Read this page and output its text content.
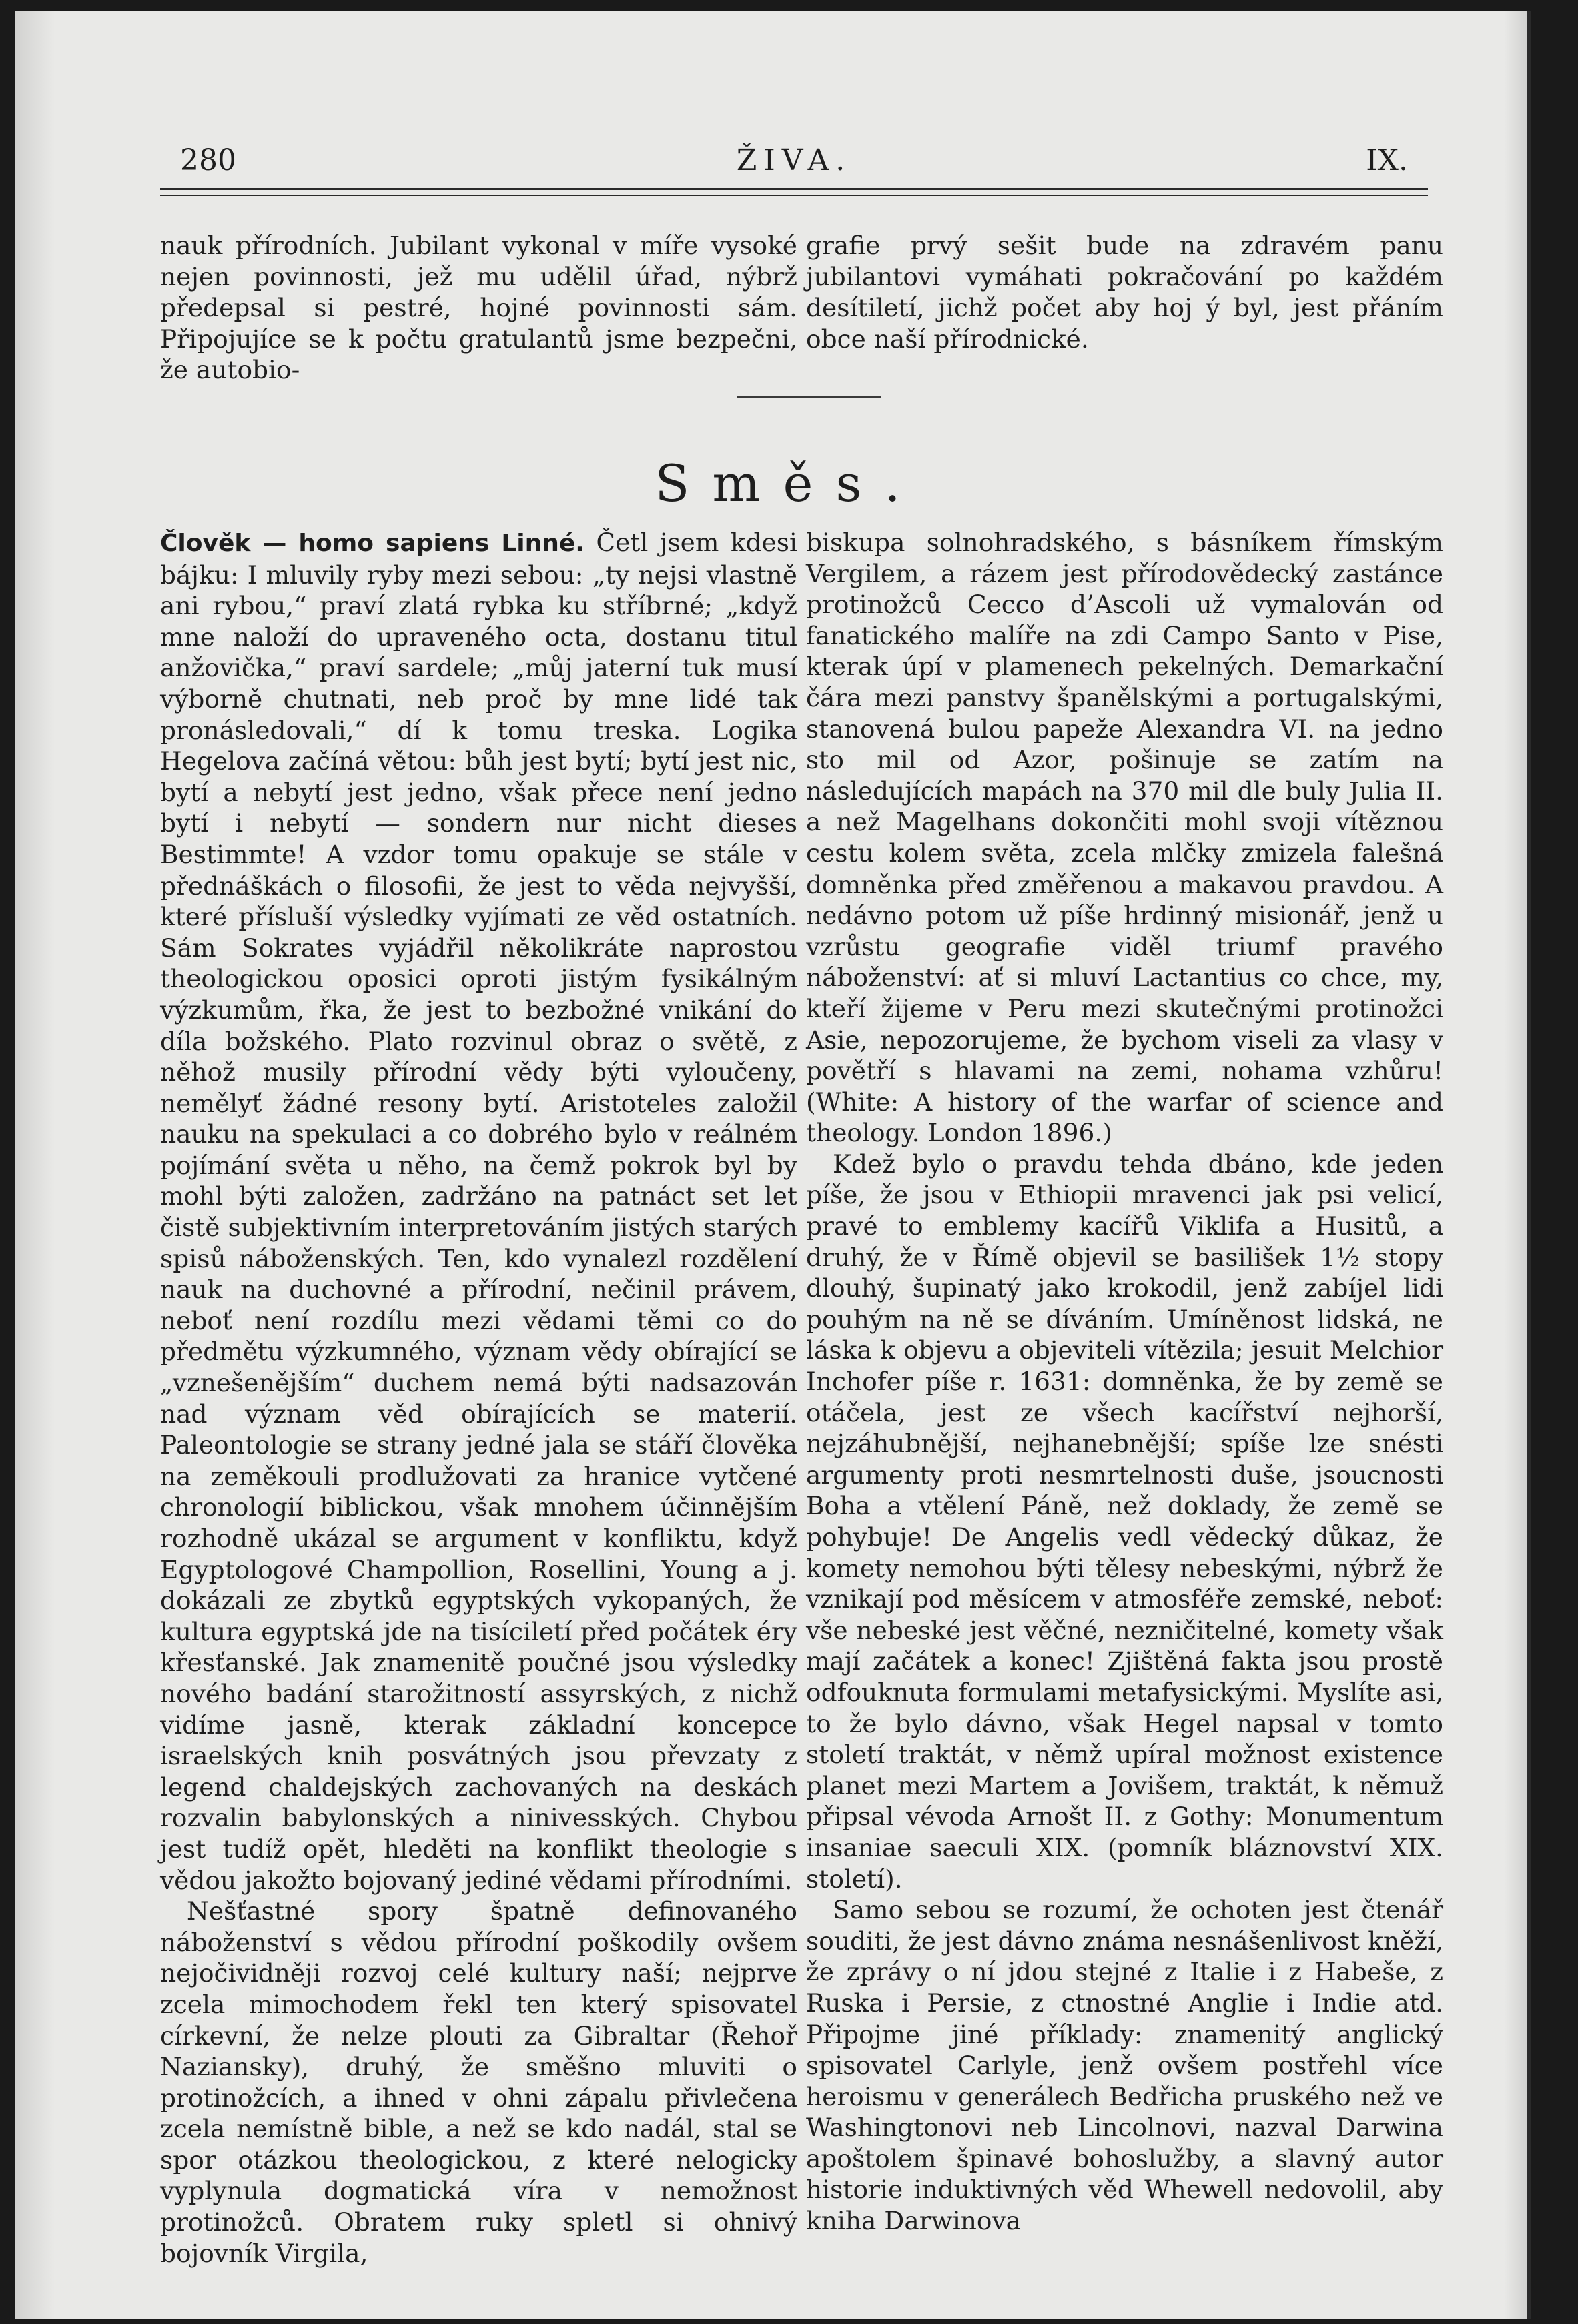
280	ŽIVA.	IX.

nauk přírodních. Jubilant vykonal v míře vysoké nejen povinnosti, jež mu udělil úřad, nýbrž předepsal si pestré, hojné povinnosti sám. Připojujíce se k počtu gratulantů jsme bezpečni, že autobio-

grafie prvý sešit bude na zdravém panu jubilantovi vymáhati pokračování po každém desítiletí, jichž počet aby hoj ý byl, jest přáním obce naší přírodnické.

Směs.

Člověk — homo sapiens Linné. Četl jsem kdesi bájku: I mluvily ryby mezi sebou: „ty nejsi vlastně ani rybou,“ praví zlatá rybka ku stříbrné; „když mne naloží do upraveného octa, dostanu titul anžovička,“ praví sardele; „můj jaterní tuk musí výborně chutnati, neb proč by mne lidé tak pronásledovali,“ dí k tomu treska. Logika Hegelova začíná větou: bůh jest bytí; bytí jest nic, bytí a nebytí jest jedno, však přece není jedno bytí i nebytí — sondern nur nicht dieses Bestimmte! A vzdor tomu opakuje se stále v přednáškách o filosofii, že jest to věda nejvyšší, které přísluší výsledky vyjímati ze věd ostatních. Sám Sokrates vyjádřil několikráte naprostou theologickou oposici oproti jistým fysikálným výzkumům, řka, že jest to bezbožné vnikání do díla božského. Plato rozvinul obraz o světě, z něhož musily přírodní vědy býti vyloučeny, nemělyť žádné resony bytí. Aristoteles založil nauku na spekulaci a co dobrého bylo v reálném pojímání světa u něho, na čemž pokrok byl by mohl býti založen, zadržáno na patnáct set let čistě subjektivním interpretováním jistých starých spisů náboženských. Ten, kdo vynalezl rozdělení nauk na duchovné a přírodní, nečinil právem, neboť není rozdílu mezi vědami těmi co do předmětu výzkumného, význam vědy obírající se „vznešenějším“ duchem nemá býti nadsazován nad význam věd obírajících se materií. Paleontologie se strany jedné jala se stáří člověka na zeměkouli prodlužovati za hranice vytčené chronologií biblickou, však mnohem účinnějším rozhodně ukázal se argument v konfliktu, když Egyptologové Champollion, Rosellini, Young a j. dokázali ze zbytků egyptských vykopaných, že kultura egyptská jde na tisíciletí před počátek éry křesťanské. Jak znamenitě poučné jsou výsledky nového badání starožitností assyrských, z nichž vidíme jasně, kterak základní koncepce israelských knih posvátných jsou převzaty z legend chaldejských zachovaných na deskách rozvalin babylonských a ninivesských. Chybou jest tudíž opět, hleděti na konflikt theologie s vědou jakožto bojovaný jediné vědami přírodními.

Nešťastné spory špatně definovaného náboženství s vědou přírodní poškodily ovšem nejočividněji rozvoj celé kultury naší; nejprve zcela mimochodem řekl ten který spisovatel církevní, že nelze plouti za Gibraltar (Řehoř Naziansky), druhý, že směšno mluviti o protinožcích, a ihned v ohni zápalu přivlečena zcela nemístně bible, a než se kdo nadál, stal se spor otázkou theologickou, z které nelogicky vyplynula dogmatická víra v nemožnost protinožců. Obratem ruky spletl si ohnivý bojovník Virgila,

biskupa solnohradského, s básníkem římským Vergilem, a rázem jest přírodovědecký zastánce protinožců Cecco d’Ascoli už vymalován od fanatického malíře na zdi Campo Santo v Pise, kterak úpí v plamenech pekelných. Demarkační čára mezi panstvy španělskými a portugalskými, stanovená bulou papeže Alexandra VI. na jedno sto mil od Azor, pošinuje se zatím na následujících mapách na 370 mil dle buly Julia II. a než Magelhans dokončiti mohl svoji vítěznou cestu kolem světa, zcela mlčky zmizela falešná domněnka před změřenou a makavou pravdou. A nedávno potom už píše hrdinný misionář, jenž u vzrůstu geografie viděl triumf pravého náboženství: ať si mluví Lactantius co chce, my, kteří žijeme v Peru mezi skutečnými protinožci Asie, nepozorujeme, že bychom viseli za vlasy v povětří s hlavami na zemi, nohama vzhůru! (White: A history of the warfar of science and theology. London 1896.)

Kdež bylo o pravdu tehda dbáno, kde jeden píše, že jsou v Ethiopii mravenci jak psi velicí, pravé to emblemy kacířů Viklifa a Husitů, a druhý, že v Římě objevil se basilišek 1½ stopy dlouhý, šupinatý jako krokodil, jenž zabíjel lidi pouhým na ně se díváním. Umíněnost lidská, ne láska k objevu a objeviteli vítězila; jesuit Melchior Inchofer píše r. 1631: domněnka, že by země se otáčela, jest ze všech kacířství nejhorší, nejzáhubnější, nejhanebnější; spíše lze snésti argumenty proti nesmrtelnosti duše, jsoucnosti Boha a vtělení Páně, než doklady, že země se pohybuje! De Angelis vedl vědecký důkaz, že komety nemohou býti tělesy nebeskými, nýbrž že vznikají pod měsícem v atmosféře zemské, neboť: vše nebeské jest věčné, nezničitelné, komety však mají začátek a konec! Zjištěná fakta jsou prostě odfouknuta formulami metafysickými. Myslíte asi, to že bylo dávno, však Hegel napsal v tomto století traktát, v němž upíral možnost existence planet mezi Martem a Jovišem, traktát, k němuž připsal vévoda Arnošt II. z Gothy: Monumentum insaniae saeculi XIX. (pomník bláznovství XIX. století).

Samo sebou se rozumí, že ochoten jest čtenář souditi, že jest dávno známa nesnášenlivost kněží, že zprávy o ní jdou stejné z Italie i z Habeše, z Ruska i Persie, z ctnostné Anglie i Indie atd. Připojme jiné příklady: znamenitý anglický spisovatel Carlyle, jenž ovšem postřehl více heroismu v generálech Bedřicha pruského než ve Washingtonovi neb Lincolnovi, nazval Darwina apoštolem špinavé bohoslužby, a slavný autor historie induktivných věd Whewell nedovolil, aby kniha Darwinova
